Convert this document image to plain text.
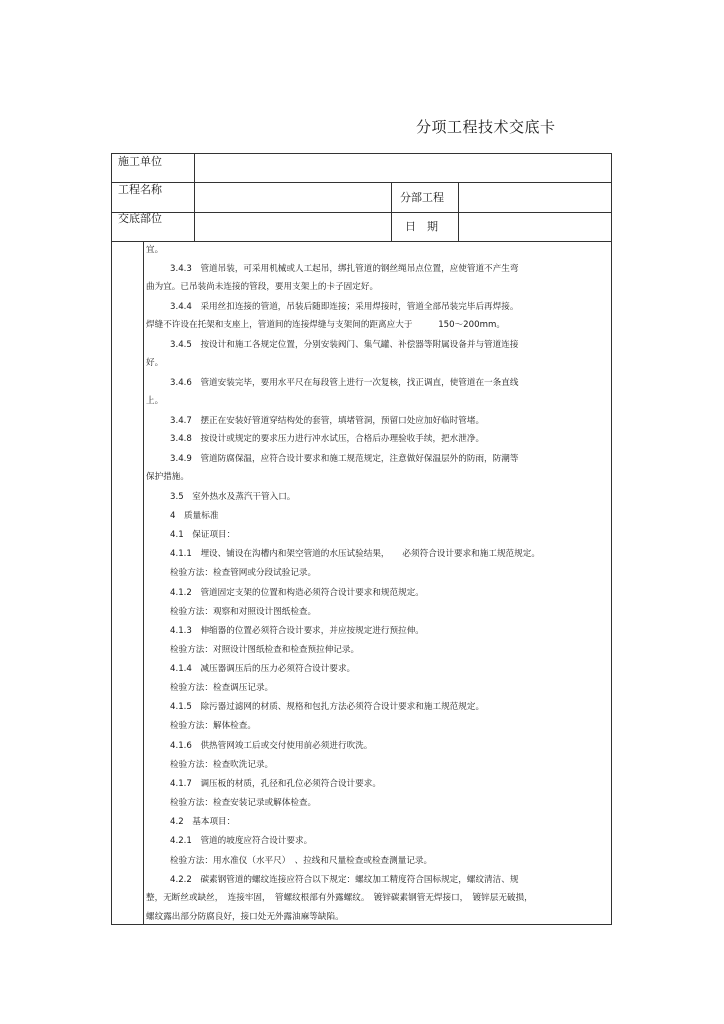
分项工程技术交底卡
施工单位
工程名称
交底部位
分部工程
日　期
宜。
3.4.3　管道吊装，可采用机械或人工起吊，绑扎管道的钢丝绳吊点位置，应使管道不产生弯
曲为宜。已吊装尚未连接的管段，要用支架上的卡子固定好。
3.4.4　采用丝扣连接的管道，吊装后随即连接；采用焊接时，管道全部吊装完毕后再焊接。
焊缝不许设在托架和支座上，管道间的连接焊缝与支架间的距离应大于　　　150～200mm。
3.4.5　按设计和施工各规定位置，分别安装阀门、集气罐、补偿器等附属设备并与管道连接
好。
3.4.6　管道安装完毕，要用水平尺在每段管上进行一次复核，找正调直，使管道在一条直线
上。
3.4.7　摆正在安装好管道穿结构处的套管，填堵管洞，预留口处应加好临时管堵。
3.4.8　按设计或规定的要求压力进行冲水试压，合格后办理验收手续，把水泄净。
3.4.9　管道防腐保温，应符合设计要求和施工规范规定，注意做好保温层外的防雨，防潮等
保护措施。
3.5　室外热水及蒸汽干管入口。
4　质量标准
4.1　保证项目：
4.1.1　埋设、铺设在沟槽内和架空管道的水压试验结果，　　必须符合设计要求和施工规范规定。
检验方法：检查管网或分段试验记录。
4.1.2　管道固定支架的位置和构造必须符合设计要求和规范规定。
检验方法：观察和对照设计图纸检查。
4.1.3　伸缩器的位置必须符合设计要求，并应按规定进行预拉伸。
检验方法：对照设计图纸检查和检查预拉伸记录。
4.1.4　减压器调压后的压力必须符合设计要求。
检验方法：检查调压记录。
4.1.5　除污器过滤网的材质、规格和包扎方法必须符合设计要求和施工规范规定。
检验方法：解体检查。
4.1.6　供热管网竣工后或交付使用前必须进行吹洗。
检验方法：检查吹洗记录。
4.1.7　调压板的材质，孔径和孔位必须符合设计要求。
检验方法：检查安装记录或解体检查。
4.2　基本项目：
4.2.1　管道的坡度应符合设计要求。
检验方法：用水准仪（水平尺）　、拉线和尺量检查或检查测量记录。
4.2.2　碳素钢管道的螺纹连接应符合以下规定：螺纹加工精度符合国标规定，螺纹清洁、规
整，无断丝或缺丝，　连接牢固，　管螺纹根部有外露螺纹。　镀锌碳素钢管无焊接口，　镀锌层无破损，
螺纹露出部分防腐良好，接口处无外露油麻等缺陷。
